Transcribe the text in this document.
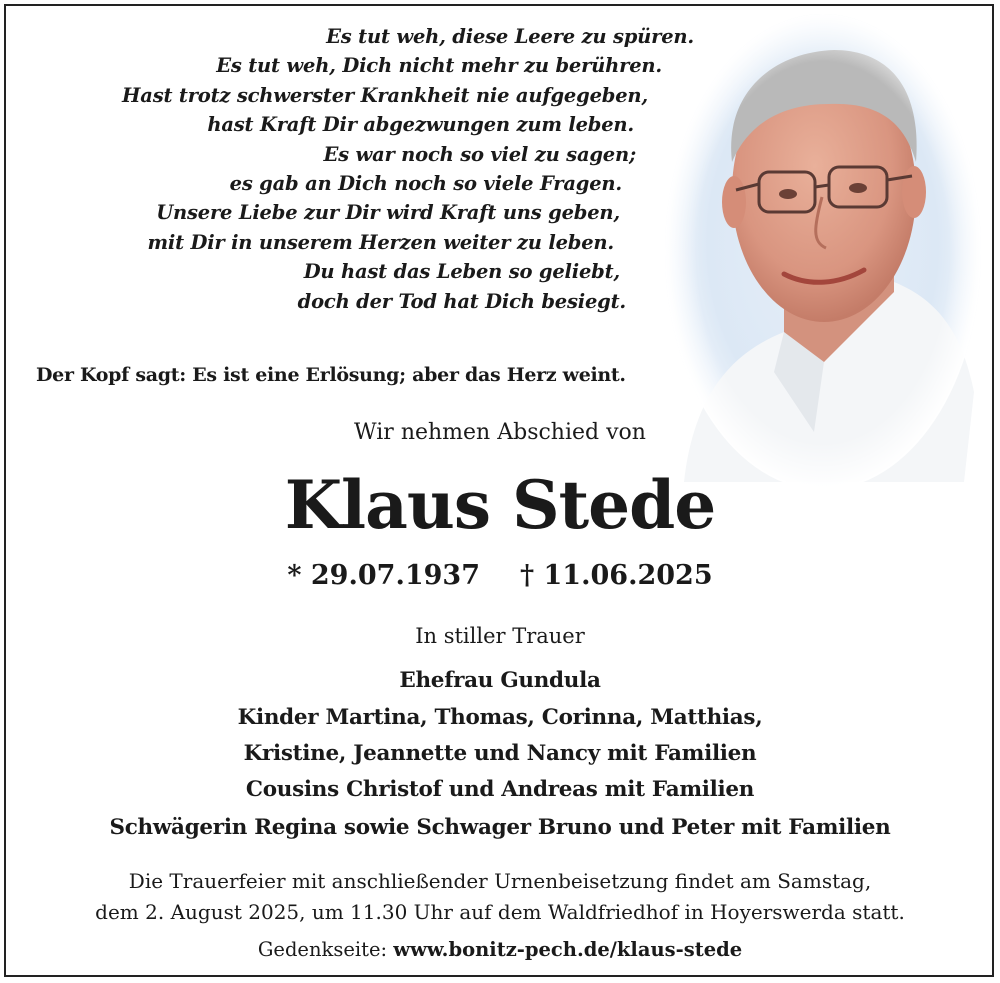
Es tut weh, diese Leere zu spüren.
Es tut weh, Dich nicht mehr zu berühren.
Hast trotz schwerster Krankheit nie aufgegeben,
hast Kraft Dir abgezwungen zum leben.
Es war noch so viel zu sagen;
es gab an Dich noch so viele Fragen.
Unsere Liebe zur Dir wird Kraft uns geben,
mit Dir in unserem Herzen weiter zu leben.
Du hast das Leben so geliebt,
doch der Tod hat Dich besiegt.
Der Kopf sagt: Es ist eine Erlösung; aber das Herz weint.
Wir nehmen Abschied von
Klaus Stede
* 29.07.1937 † 11.06.2025
In stiller Trauer
Ehefrau Gundula
Kinder Martina, Thomas, Corinna, Matthias,
Kristine, Jeannette und Nancy mit Familien
Cousins Christof und Andreas mit Familien
Schwägerin Regina sowie Schwager Bruno und Peter mit Familien
Die Trauerfeier mit anschließender Urnenbeisetzung findet am Samstag,
dem 2. August 2025, um 11.30 Uhr auf dem Waldfriedhof in Hoyerswerda statt.
Gedenkseite: www.bonitz-pech.de/klaus-stede
